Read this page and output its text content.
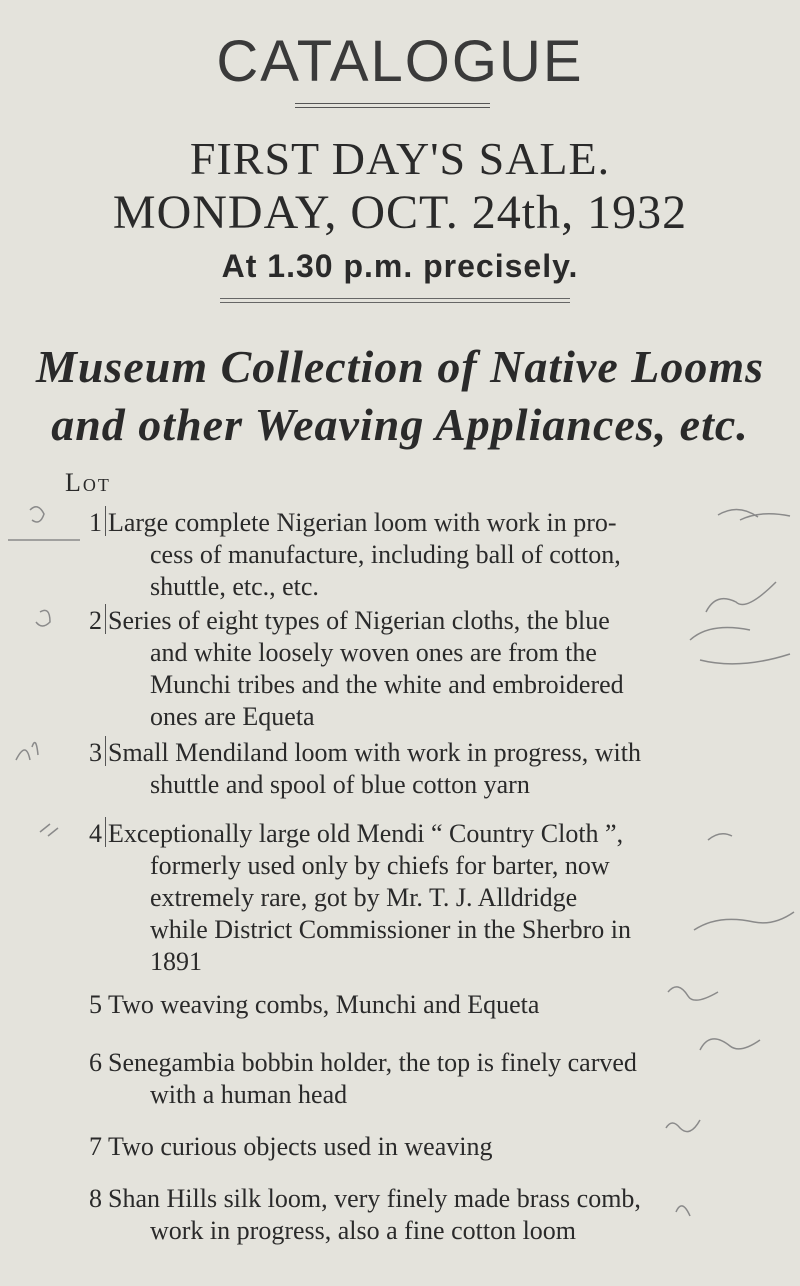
CATALOGUE
FIRST DAY'S SALE.
MONDAY, OCT. 24th, 1932
At 1.30 p.m. precisely.
Museum Collection of Native Looms
and other Weaving Appliances, etc.
Lot
1 Large complete Nigerian loom with work in pro-
cess of manufacture, including ball of cotton,
shuttle, etc., etc.
2 Series of eight types of Nigerian cloths, the blue
and white loosely woven ones are from the
Munchi tribes and the white and embroidered
ones are Equeta
3 Small Mendiland loom with work in progress, with
shuttle and spool of blue cotton yarn
4 Exceptionally large old Mendi “ Country Cloth ”,
formerly used only by chiefs for barter, now
extremely rare, got by Mr. T. J. Alldridge
while District Commissioner in the Sherbro in
1891
5 Two weaving combs, Munchi and Equeta
6 Senegambia bobbin holder, the top is finely carved
with a human head
7 Two curious objects used in weaving
8 Shan Hills silk loom, very finely made brass comb,
work in progress, also a fine cotton loom
